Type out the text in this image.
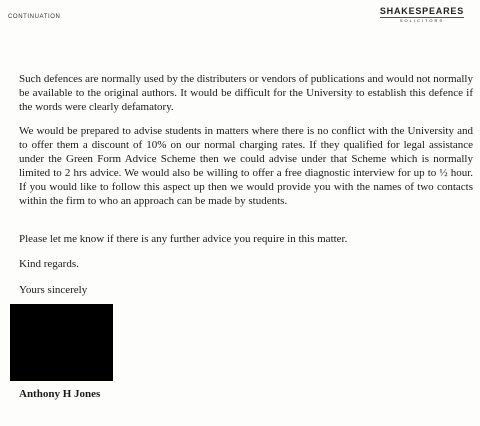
CONTINUATION
SHAKESPEARES
SOLICITORS

Such defences are normally used by the distributers or vendors of publications and would not normally be available to the original authors. It would be difficult for the University to establish this defence if the words were clearly defamatory.

We would be prepared to advise students in matters where there is no conflict with the University and to offer them a discount of 10% on our normal charging rates. If they qualified for legal assistance under the Green Form Advice Scheme then we could advise under that Scheme which is normally limited to 2 hrs advice. We would also be willing to offer a free diagnostic interview for up to ½ hour. If you would like to follow this aspect up then we would provide you with the names of two contacts within the firm to who an approach can be made by students.

Please let me know if there is any further advice you require in this matter.

Kind regards.

Yours sincerely

Anthony H Jones
